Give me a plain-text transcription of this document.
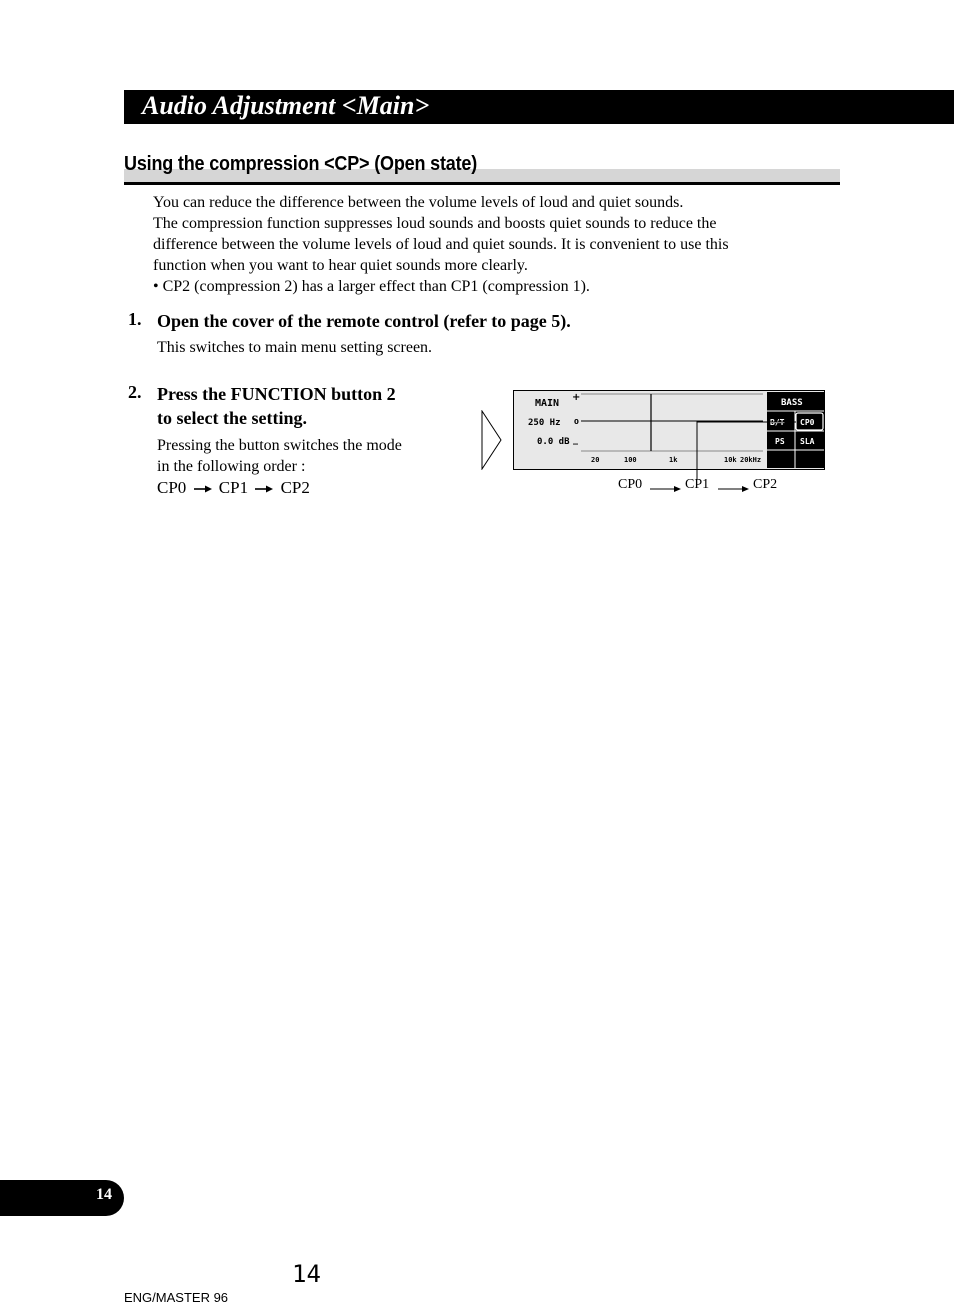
Audio Adjustment <Main>
Using the compression <CP> (Open state)

You can reduce the difference between the volume levels of loud and quiet sounds.

The compression function suppresses loud sounds and boosts quiet sounds to reduce the

difference between the volume levels of loud and quiet sounds. It is convenient to use this

function when you want to hear quiet sounds more clearly.

• CP2 (compression 2) has a larger effect than CP1 (compression 1).

1. Open the cover of the remote control (refer to page 5).
This switches to main menu setting screen.
2. Press the FUNCTION button 2
to select the setting.
Pressing the button switches the mode
in the following order :
CP0 CP1 CP2
MAIN
250 Hz
0.0 dB
+
0
_
20	100	1k	10k 20kHz
BASS
B/T CP0
PS SLA
CP0	CP1	CP2
14
14
ENG/MASTER 96
